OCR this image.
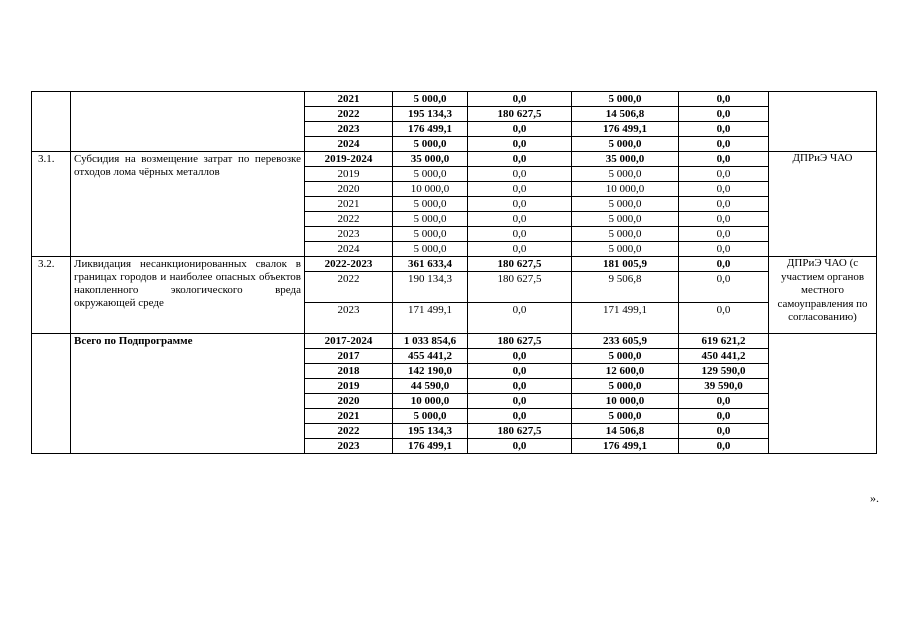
		2021	5 000,0	0,0	5 000,0	0,0	
		2022	195 134,3	180 627,5	14 506,8	0,0	
		2023	176 499,1	0,0	176 499,1	0,0	
		2024	5 000,0	0,0	5 000,0	0,0	
3.1.	Субсидия на возмещение затрат по перевозке отходов лома чёрных металлов	2019-2024	35 000,0	0,0	35 000,0	0,0	ДПРиЭ ЧАО
		2019	5 000,0	0,0	5 000,0	0,0	
		2020	10 000,0	0,0	10 000,0	0,0	
		2021	5 000,0	0,0	5 000,0	0,0	
		2022	5 000,0	0,0	5 000,0	0,0	
		2023	5 000,0	0,0	5 000,0	0,0	
		2024	5 000,0	0,0	5 000,0	0,0	
3.2.	Ликвидация несанкционированных свалок в границах городов и наиболее опасных объектов накопленного экологического вреда окружающей среде	2022-2023	361 633,4	180 627,5	181 005,9	0,0	ДПРиЭ ЧАО (с участием органов местного самоуправления по согласованию)
		2022	190 134,3	180 627,5	9 506,8	0,0	
		2023	171 499,1	0,0	171 499,1	0,0	
	Всего по Подпрограмме	2017-2024	1 033 854,6	180 627,5	233 605,9	619 621,2	
		2017	455 441,2	0,0	5 000,0	450 441,2	
		2018	142 190,0	0,0	12 600,0	129 590,0	
		2019	44 590,0	0,0	5 000,0	39 590,0	
		2020	10 000,0	0,0	10 000,0	0,0	
		2021	5 000,0	0,0	5 000,0	0,0	
		2022	195 134,3	180 627,5	14 506,8	0,0	
		2023	176 499,1	0,0	176 499,1	0,0	
».
